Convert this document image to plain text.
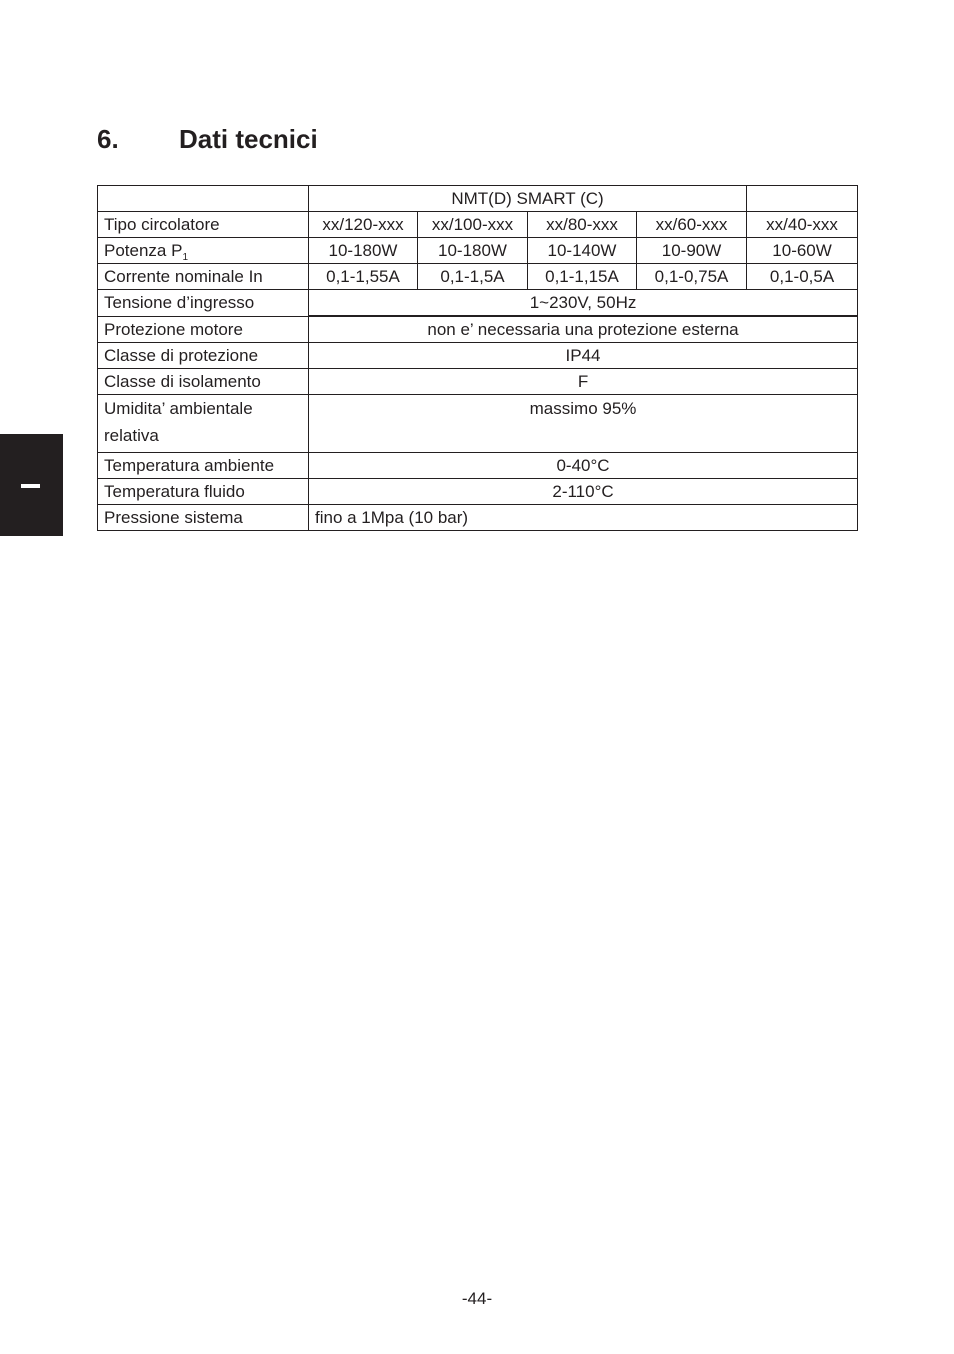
6. Dati tecnici
	NMT(D) SMART (C)				
Tipo circolatore	xx/120-xxx	xx/100-xxx	xx/80-xxx	xx/60-xxx	xx/40-xxx
Potenza $P_1$	10-180W	10-180W	10-140W	10-90W	10-60W
Corrente nominale In	0,1-1,55A	0,1-1,5A	0,1-1,15A	0,1-0,75A	0,1-0,5A
Tensione d’ingresso	1~230V, 50Hz				
Protezione motore	non e’ necessaria una protezione esterna				
Classe di protezione	IP44				
Classe di isolamento	F				
Umidita’ ambientale
relativa	massimo 95%				
Temperatura ambiente	0-40°C				
Temperatura fluido	2-110°C				
Pressione sistema	fino a 1Mpa (10 bar)				
-44-
